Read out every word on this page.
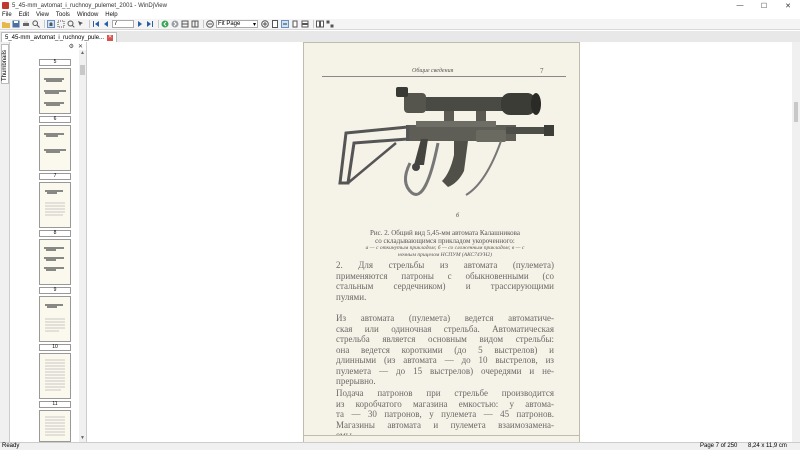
5_45-mm_avtomat_i_ruchnoy_pulemet_2001 - WinDjView	—	☐	✕
File Edit View Tools Window Help
7
Fit Page ▾
5_45-mm_avtomat_i_ruchnoy_pule... ✕
Thumbnails
⚙ ✕
5
6
7
8
9
10
11
▲
▼
Общие сведения	7
б
Рис. 2. Общий вид 5,45-мм автомата Калашникова
со складывающимся прикладом укороченного:
а — с откинутым прикладом; б — со сложенным прикладом; в — с
ночным прицелом НСПУМ (АКС74УН2)
2. Для стрельбы из автомата (пулемета)
применяются патроны с обыкновенными (со
стальным сердечником) и трассирующими
пулями.
Из автомата (пулемета) ведется автоматиче-
ская или одиночная стрельба. Автоматическая
стрельба является основным видом стрельбы:
она ведется короткими (до 5 выстрелов) и
длинными (из автомата — до 10 выстрелов, из
пулемета — до 15 выстрелов) очередями и не-
прерывно.
Подача патронов при стрельбе производится
из коробчатого магазина емкостью: у автома-
та — 30 патронов, у пулемета — 45 патронов.
Магазины автомата и пулемета взаимозамена-
Ready	Page 7 of 250 8,24 x 11,9 cm
